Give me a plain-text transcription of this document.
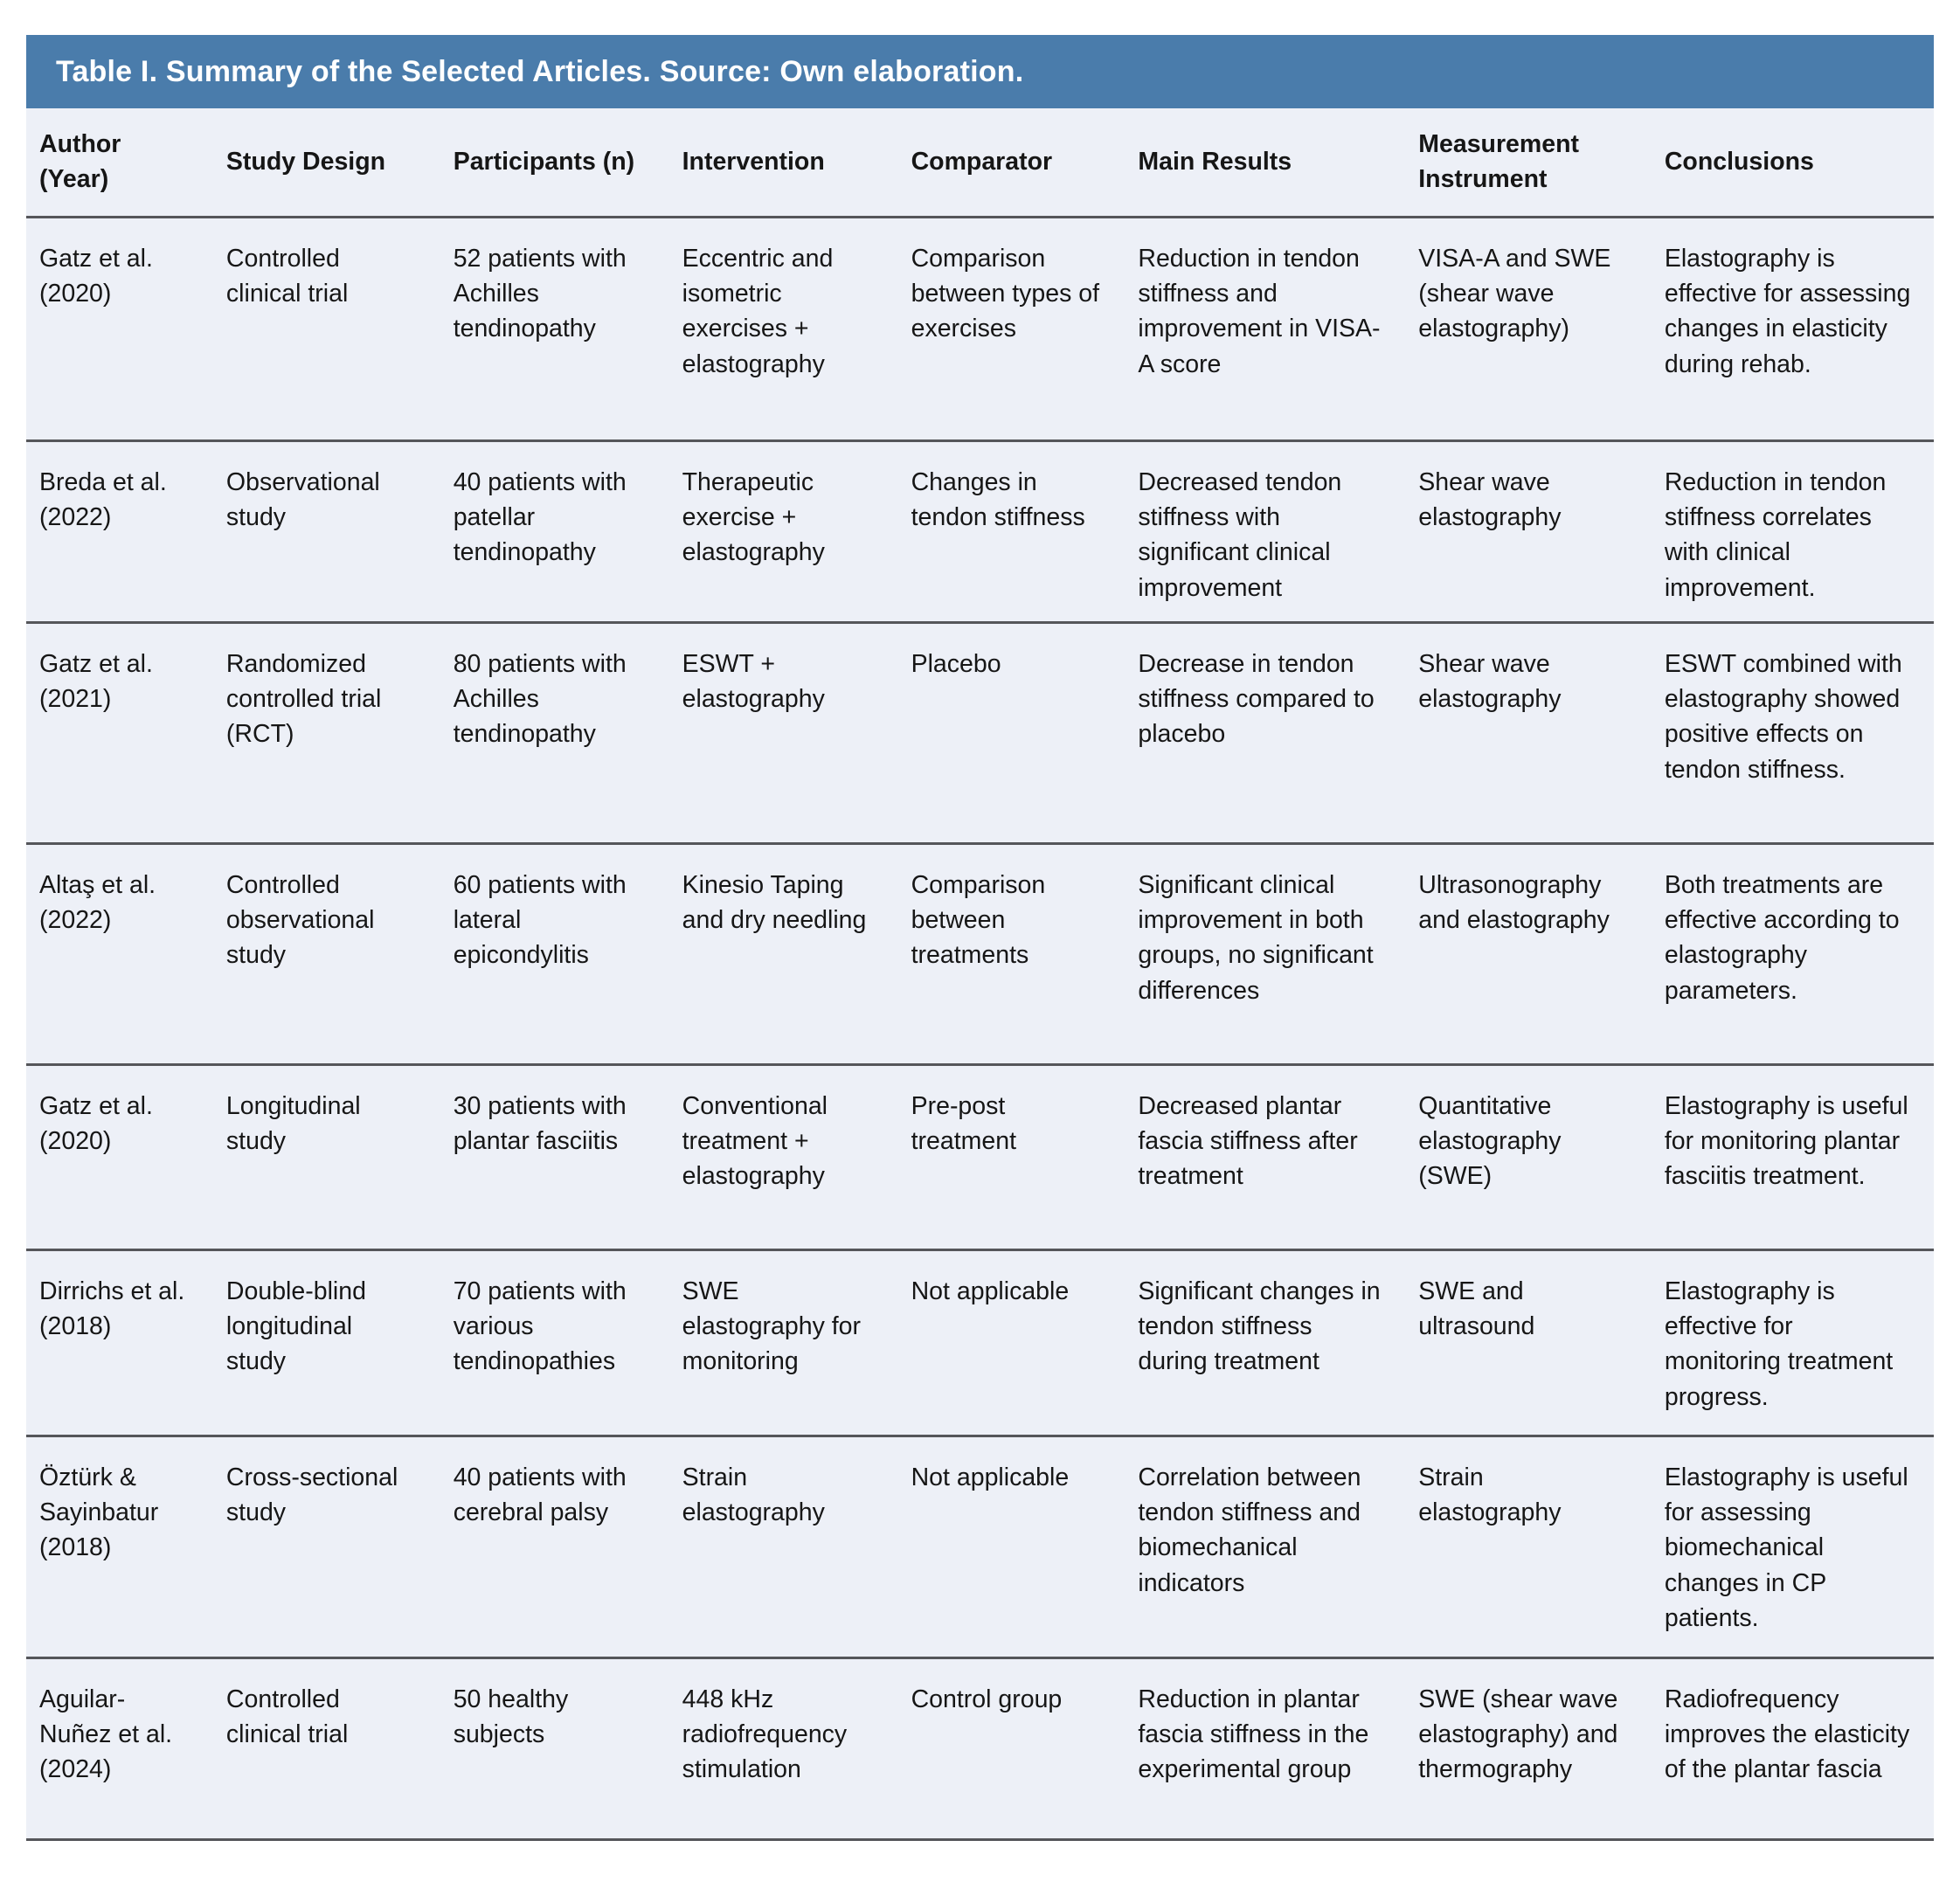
Table I. Summary of the Selected Articles. Source: Own elaboration.
Author (Year)	Study Design	Participants (n)	Intervention	Comparator	Main Results	Measurement Instrument	Conclusions
Gatz et al. (2020)	Controlled clinical trial	52 patients with Achilles tendinopathy	Eccentric and isometric exercises + elastography	Comparison between types of exercises	Reduction in tendon stiffness and improvement in VISA-A score	VISA-A and SWE (shear wave elastography)	Elastography is effective for assessing changes in elasticity during rehab.
Breda et al. (2022)	Observational study	40 patients with patellar tendinopathy	Therapeutic exercise + elastography	Changes in tendon stiffness	Decreased tendon stiffness with significant clinical improvement	Shear wave elastography	Reduction in tendon stiffness correlates with clinical improvement.
Gatz et al. (2021)	Randomized controlled trial (RCT)	80 patients with Achilles tendinopathy	ESWT + elastography	Placebo	Decrease in tendon stiffness compared to placebo	Shear wave elastography	ESWT combined with elastography showed positive effects on tendon stiffness.
Altaş et al. (2022)	Controlled observational study	60 patients with lateral epicondylitis	Kinesio Taping and dry needling	Comparison between treatments	Significant clinical improvement in both groups, no significant differences	Ultrasonography and elastography	Both treatments are effective according to elastography parameters.
Gatz et al. (2020)	Longitudinal study	30 patients with plantar fasciitis	Conventional treatment + elastography	Pre-post treatment	Decreased plantar fascia stiffness after treatment	Quantitative elastography (SWE)	Elastography is useful for monitoring plantar fasciitis treatment.
Dirrichs et al. (2018)	Double-blind longitudinal study	70 patients with various tendinopathies	SWE elastography for monitoring	Not applicable	Significant changes in tendon stiffness during treatment	SWE and ultrasound	Elastography is effective for monitoring treatment progress.
Öztürk & Sayinbatur (2018)	Cross-sectional study	40 patients with cerebral palsy	Strain elastography	Not applicable	Correlation between tendon stiffness and biomechanical indicators	Strain elastography	Elastography is useful for assessing biomechanical changes in CP patients.
Aguilar-Nuñez et al. (2024)	Controlled clinical trial	50 healthy subjects	448 kHz radiofrequency stimulation	Control group	Reduction in plantar fascia stiffness in the experimental group	SWE (shear wave elastography) and thermography	Radiofrequency improves the elasticity of the plantar fascia
